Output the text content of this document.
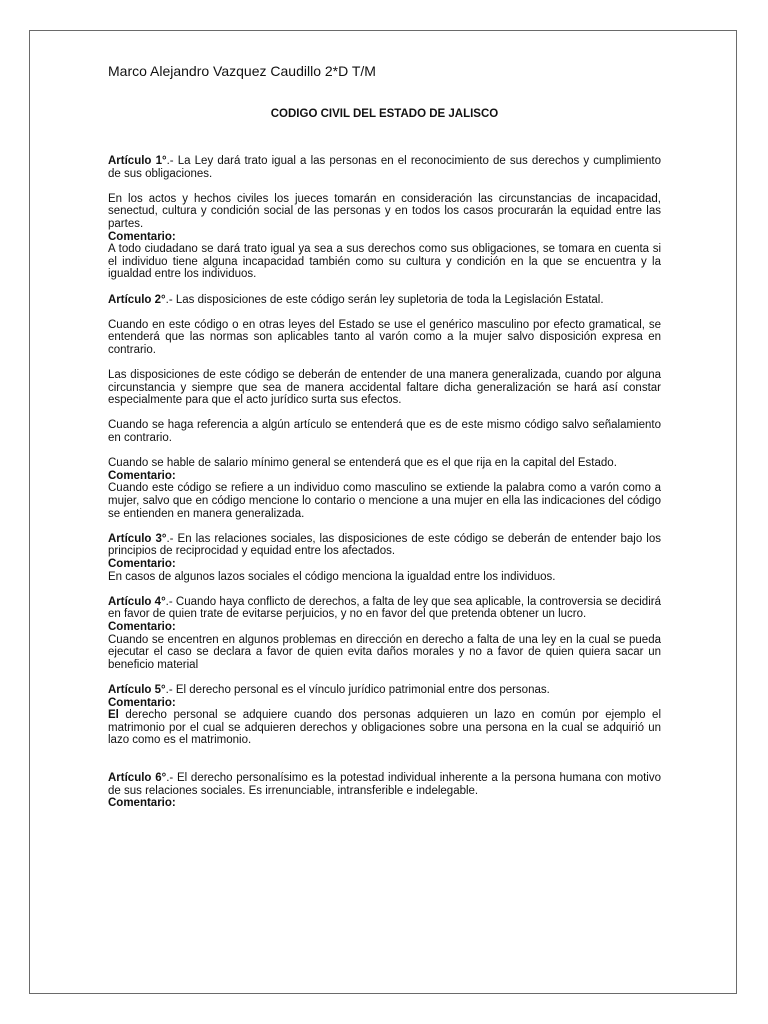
Marco Alejandro Vazquez Caudillo 2*D T/M

CODIGO CIVIL DEL ESTADO DE JALISCO

Artículo 1°.- La Ley dará trato igual a las personas en el reconocimiento de sus derechos y cumplimiento de sus obligaciones.

En los actos y hechos civiles los jueces tomarán en consideración las circunstancias de incapacidad, senectud, cultura y condición social de las personas y en todos los casos procurarán la equidad entre las partes.

Comentario:

A todo ciudadano se dará trato igual ya sea a sus derechos como sus obligaciones, se tomara en cuenta si el individuo tiene alguna incapacidad también como su cultura y condición en la que se encuentra y la igualdad entre los individuos.

Artículo 2°.- Las disposiciones de este código serán ley supletoria de toda la Legislación Estatal.

Cuando en este código o en otras leyes del Estado se use el genérico masculino por efecto gramatical, se entenderá que las normas son aplicables tanto al varón como a la mujer salvo disposición expresa en contrario.

Las disposiciones de este código se deberán de entender de una manera generalizada, cuando por alguna circunstancia y siempre que sea de manera accidental faltare dicha generalización se hará así constar especialmente para que el acto jurídico surta sus efectos.

Cuando se haga referencia a algún artículo se entenderá que es de este mismo código salvo señalamiento en contrario.

Cuando se hable de salario mínimo general se entenderá que es el que rija en la capital del Estado.

Comentario:

Cuando este código se refiere a un individuo como masculino se extiende la palabra como a varón como a mujer, salvo que en código mencione lo contario o mencione a una mujer en ella las indicaciones del código se entienden en manera generalizada.

Artículo 3°.- En las relaciones sociales, las disposiciones de este código se deberán de entender bajo los principios de reciprocidad y equidad entre los afectados.

Comentario:

En casos de algunos lazos sociales el código menciona la igualdad entre los individuos.

Artículo 4°.- Cuando haya conflicto de derechos, a falta de ley que sea aplicable, la controversia se decidirá en favor de quien trate de evitarse perjuicios, y no en favor del que pretenda obtener un lucro.

Comentario:

Cuando se encentren en algunos problemas en dirección en derecho a falta de una ley en la cual se pueda ejecutar el caso se declara a favor de quien evita daños morales y no a favor de quien quiera sacar un beneficio material

Artículo 5°.- El derecho personal es el vínculo jurídico patrimonial entre dos personas.

Comentario:

El derecho personal se adquiere cuando dos personas adquieren un lazo en común por ejemplo el matrimonio por el cual se adquieren derechos y obligaciones sobre una persona en la cual se adquirió un lazo como es el matrimonio.

Artículo 6°.- El derecho personalísimo es la potestad individual inherente a la persona humana con motivo de sus relaciones sociales. Es irrenunciable, intransferible e indelegable.

Comentario:
